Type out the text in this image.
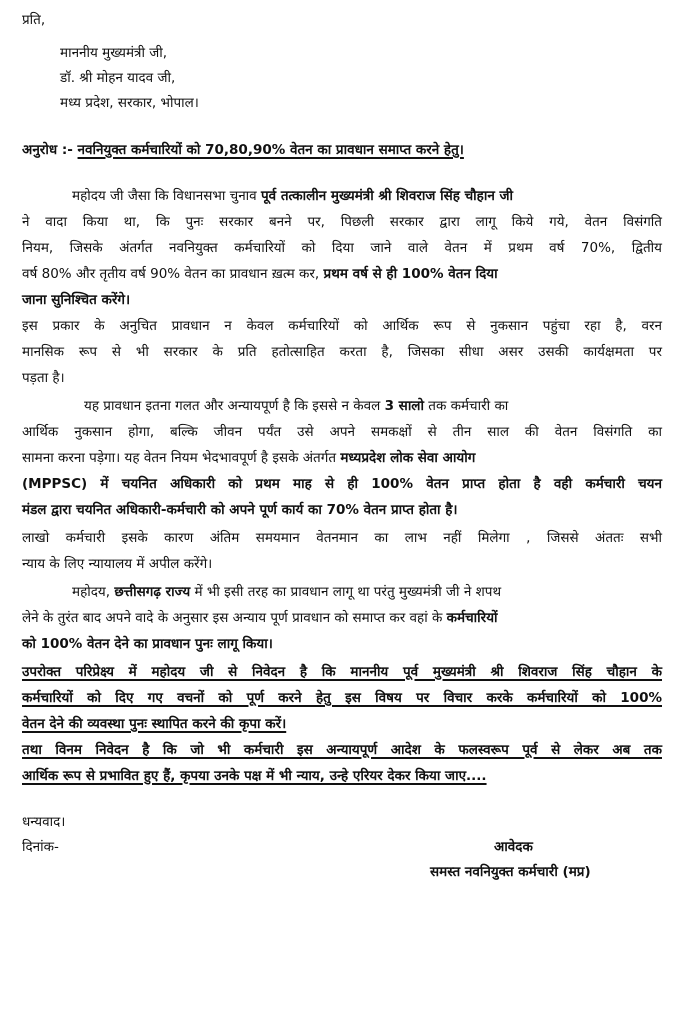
प्रति,
माननीय मुख्यमंत्री जी,
डॉ. श्री मोहन यादव जी,
मध्य प्रदेश, सरकार, भोपाल।
अनुरोध :- नवनियुक्त कर्मचारियों को 70,80,90% वेतन का प्रावधान समाप्त करने हेतु।
महोदय जी जैसा कि विधानसभा चुनाव पूर्व तत्कालीन मुख्यमंत्री श्री शिवराज सिंह चौहान जी
ने वादा किया था, कि पुनः सरकार बनने पर, पिछली सरकार द्वारा लागू किये गये, वेतन विसंगति
नियम, जिसके अंतर्गत नवनियुक्त कर्मचारियों को दिया जाने वाले वेतन में प्रथम वर्ष 70%, द्वितीय
वर्ष 80% और तृतीय वर्ष 90% वेतन का प्रावधान ख़त्म कर, प्रथम वर्ष से ही 100% वेतन दिया
जाना सुनिश्चित करेंगे।
इस प्रकार के अनुचित प्रावधान न केवल कर्मचारियों को आर्थिक रूप से नुकसान पहुंचा रहा है, वरन
मानसिक रूप से भी सरकार के प्रति हतोत्साहित करता है, जिसका सीधा असर उसकी कार्यक्षमता पर
पड़ता है।
यह प्रावधान इतना गलत और अन्यायपूर्ण है कि इससे न केवल 3 सालो तक कर्मचारी का
आर्थिक नुकसान होगा, बल्कि जीवन पर्यंत उसे अपने समकक्षों से तीन साल की वेतन विसंगति का
सामना करना पड़ेगा। यह वेतन नियम भेदभावपूर्ण है इसके अंतर्गत मध्यप्रदेश लोक सेवा आयोग
(MPPSC) में चयनित अधिकारी को प्रथम माह से ही 100% वेतन प्राप्त होता है वही कर्मचारी चयन
मंडल द्वारा चयनित अधिकारी-कर्मचारी को अपने पूर्ण कार्य का 70% वेतन प्राप्त होता है।
लाखो कर्मचारी इसके कारण अंतिम समयमान वेतनमान का लाभ नहीं मिलेगा , जिससे अंततः सभी
न्याय के लिए न्यायालय में अपील करेंगे।
महोदय, छत्तीसगढ़ राज्य में भी इसी तरह का प्रावधान लागू था परंतु मुख्यमंत्री जी ने शपथ
लेने के तुरंत बाद अपने वादे के अनुसार इस अन्याय पूर्ण प्रावधान को समाप्त कर वहां के कर्मचारियों
को 100% वेतन देने का प्रावधान पुनः लागू किया।
उपरोक्त परिप्रेक्ष्य में महोदय जी से निवेदन है कि माननीय पूर्व मुख्यमंत्री श्री शिवराज सिंह चौहान के
कर्मचारियों को दिए गए वचनों को पूर्ण करने हेतु इस विषय पर विचार करके कर्मचारियों को 100%
वेतन देने की व्यवस्था पुनः स्थापित करने की कृपा करें।
तथा विनम निवेदन है कि जो भी कर्मचारी इस अन्यायपूर्ण आदेश के फलस्वरूप पूर्व से लेकर अब तक
आर्थिक रूप से प्रभावित हुए हैं, कृपया उनके पक्ष में भी न्याय, उन्हे एरियर देकर किया जाए....
धन्यवाद।
दिनांक-	आवेदक
समस्त नवनियुक्त कर्मचारी (मप्र)
